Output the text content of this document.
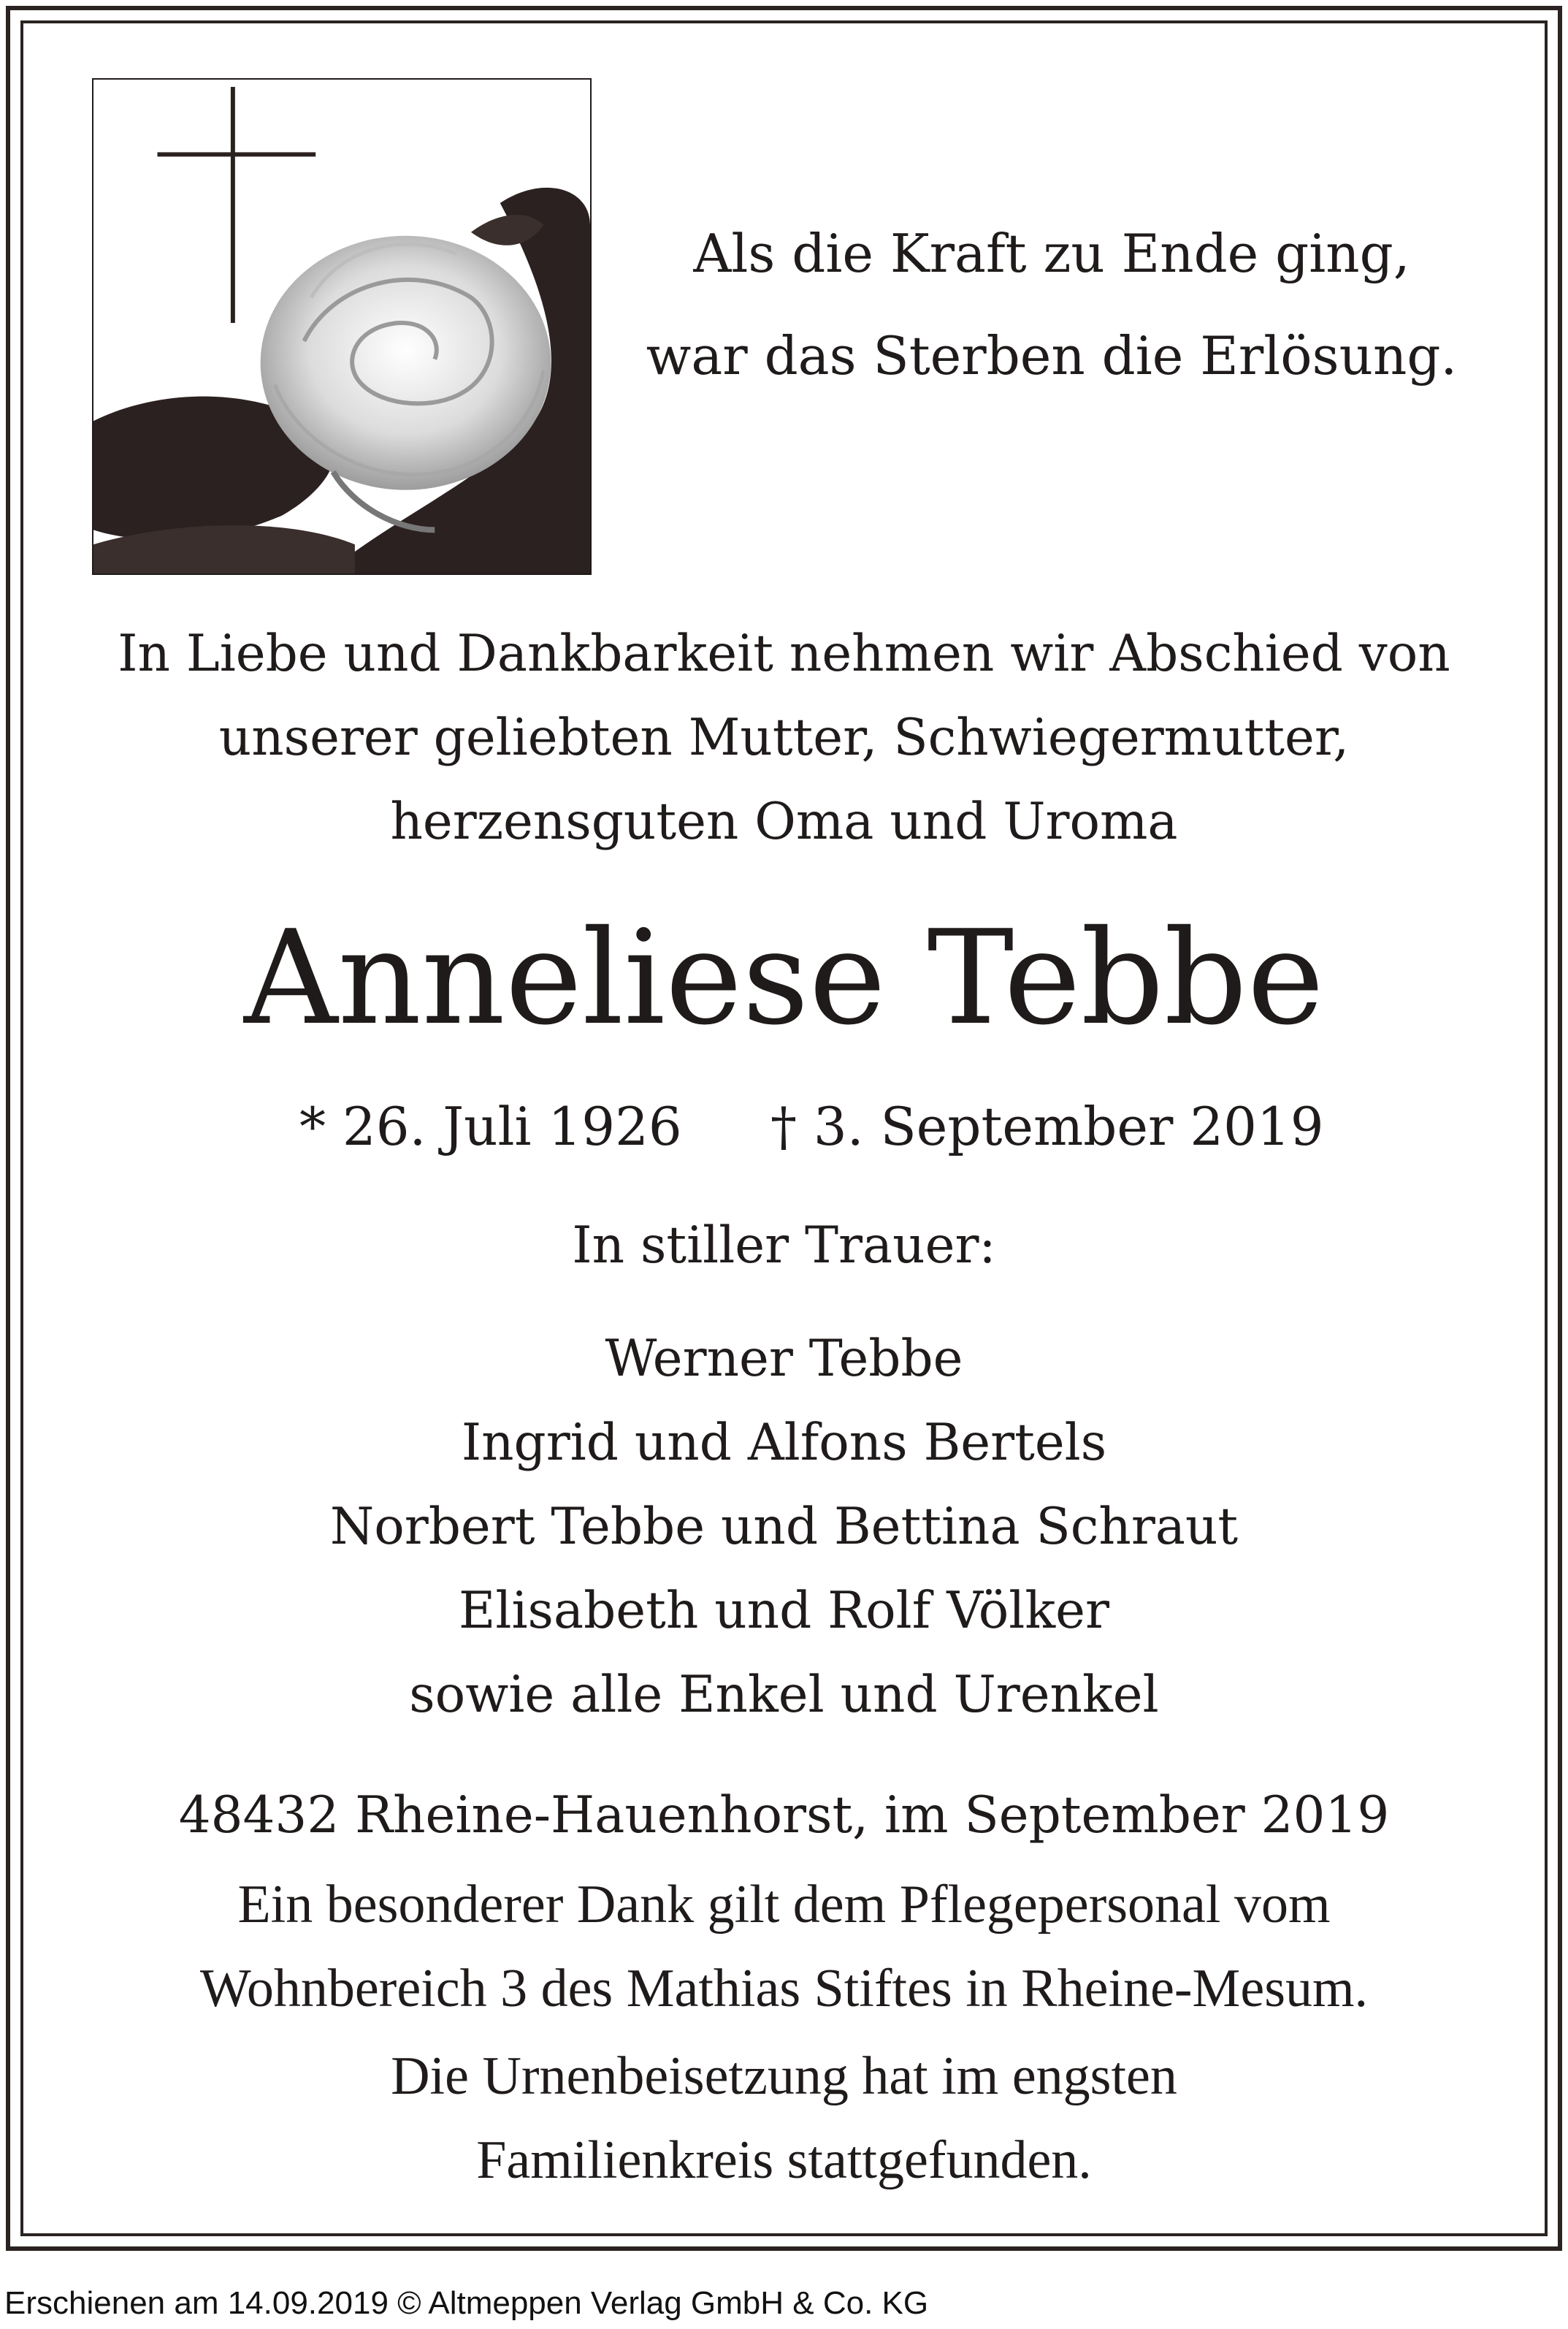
Als die Kraft zu Ende ging,
war das Sterben die Erlösung.
In Liebe und Dankbarkeit nehmen wir Abschied von
unserer geliebten Mutter, Schwiegermutter,
herzensguten Oma und Uroma
Anneliese Tebbe
* 26. Juli 1926 † 3. September 2019
In stiller Trauer:
Werner Tebbe
Ingrid und Alfons Bertels
Norbert Tebbe und Bettina Schraut
Elisabeth und Rolf Völker
sowie alle Enkel und Urenkel
48432 Rheine-Hauenhorst, im September 2019
Ein besonderer Dank gilt dem Pflegepersonal vom
Wohnbereich 3 des Mathias Stiftes in Rheine-Mesum.
Die Urnenbeisetzung hat im engsten
Familienkreis stattgefunden.
Erschienen am 14.09.2019 © Altmeppen Verlag GmbH & Co. KG
